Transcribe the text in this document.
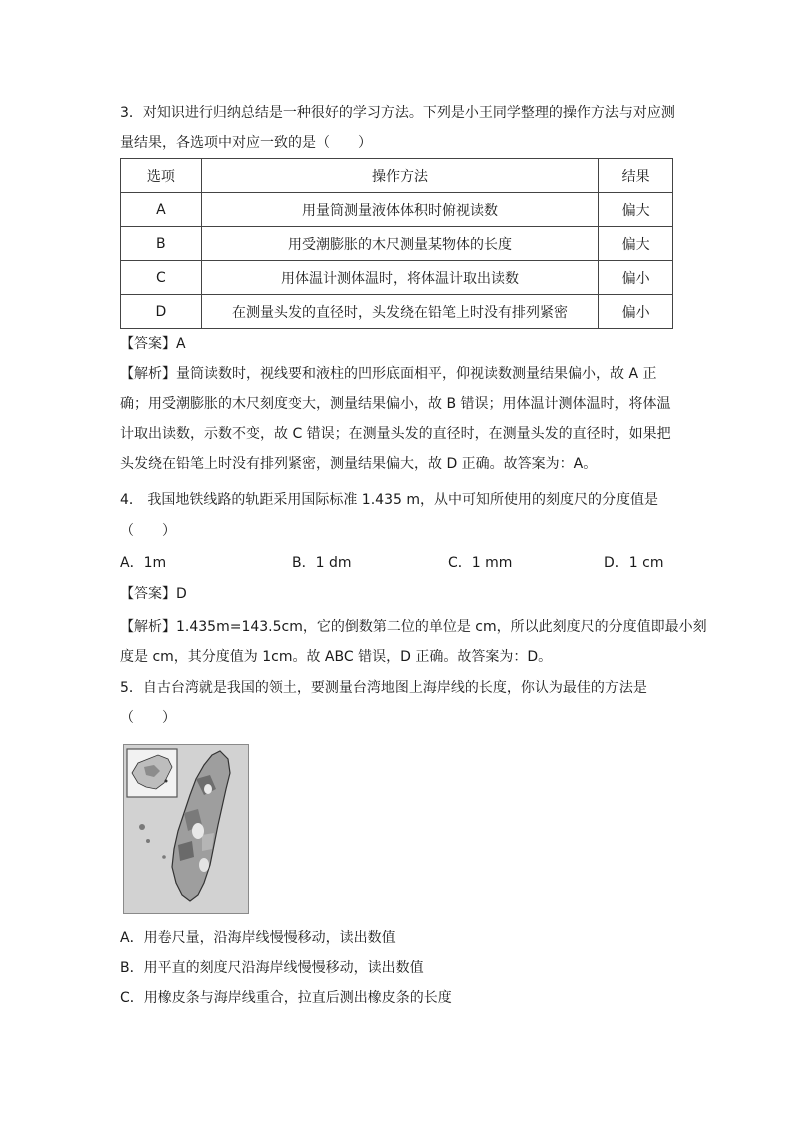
3．对知识进行归纳总结是一种很好的学习方法。下列是小王同学整理的操作方法与对应测
量结果，各选项中对应一致的是（　　）
选项	操作方法	结果
A	用量筒测量液体体积时俯视读数	偏大
B	用受潮膨胀的木尺测量某物体的长度	偏大
C	用体温计测体温时，将体温计取出读数	偏小
D	在测量头发的直径时，头发绕在铅笔上时没有排列紧密	偏小
【答案】A
【解析】量筒读数时，视线要和液柱的凹形底面相平，仰视读数测量结果偏小，故 A 正
确；用受潮膨胀的木尺刻度变大，测量结果偏小，故 B 错误；用体温计测体温时，将体温
计取出读数，示数不变，故 C 错误；在测量头发的直径时，在测量头发的直径时，如果把
头发绕在铅笔上时没有排列紧密，测量结果偏大，故 D 正确。故答案为：A。
4． 我国地铁线路的轨距采用国际标准 1.435 m，从中可知所使用的刻度尺的分度值是
（　　）
A．1m	B．1 dm	C．1 mm	D．1 cm
【答案】D
【解析】1.435m=143.5cm，它的倒数第二位的单位是 cm，所以此刻度尺的分度值即最小刻
度是 cm，其分度值为 1cm。故 ABC 错误，D 正确。故答案为：D。
5．自古台湾就是我国的领土，要测量台湾地图上海岸线的长度，你认为最佳的方法是
（　　）
A．用卷尺量，沿海岸线慢慢移动，读出数值
B．用平直的刻度尺沿海岸线慢慢移动，读出数值
C．用橡皮条与海岸线重合，拉直后测出橡皮条的长度
